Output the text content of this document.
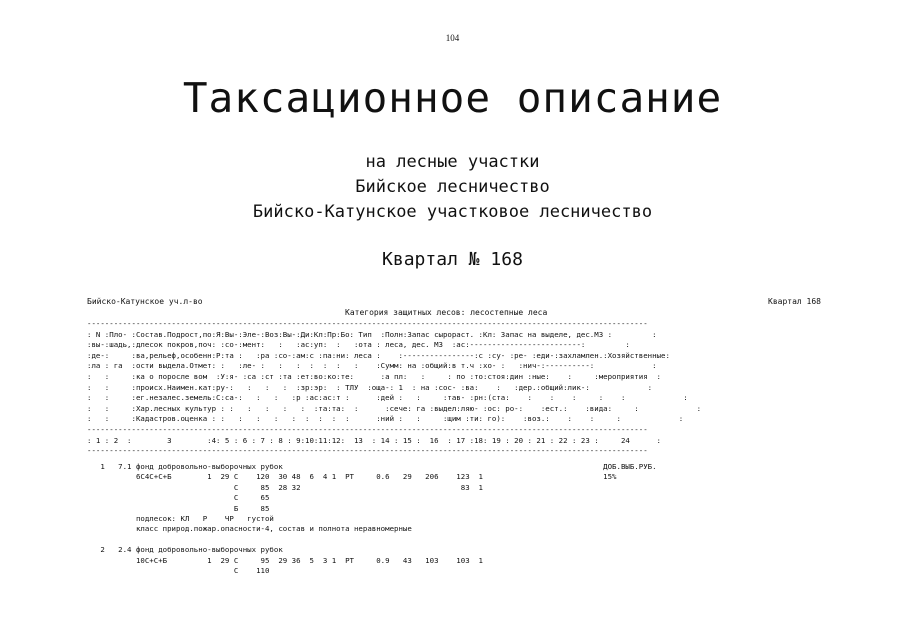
104
Таксационное описание
на лесные участки
Бийское лесничество
Бийско-Катунское участковое лесничество
Квартал № 168
Бийско-Катунское уч.л-во	Квартал 168
Категория защитных лесов: лесостепные леса
------------------------------------------------------------------------------------------------------------------------------
: N :Пло- :Состав.Подрост,по:Я:Вы-:Эле-:Воз:Вы-:Ди:Кл:Пр:Бо: Тип  :Полн:Запас сырораст. :Кл: Запас на выделе, дес.М3 :         :
:вы-:шадь,:длесок покров,поч: :со-:мент:   :   :ас:уп:  :   :ота : леса, дес. М3  :ас:-------------------------:         :
:де-:     :ва,рельеф,особенн:Р:та :   :ра :со-:ам:с :па:ни: леса :    :----------------:с :су- :ре- :еди-:захламлен.:Хозяйственные:
:ла : га  :ости выдела.Отмет: :   :ле- :   :   :  :  :  :   :    :Сумм: на :общий:в т.ч :хо- :   :нич-:----------:             :
:   :     :ка о поросле вом  :У:я- :са :ст :та :ет:во:ко:те:      :а пл:   :     : по :то:стоя:дин :ные:    :     :мероприятия  :
:   :     :происх.Наимен.кат:ру-:   :   :   :  :зр:эр:  : ТЛУ  :оща-: 1  : на :сос- :ва:    :   :дер.:общий:лик-:             :
:   :     :ег.незалес.земель:С:са-:   :   :   :р :ас:ас:т :      :дей :   :     :тав- :рн:(ста:    :    :    :     :    :             :
:   :     :Хар.лесных культур : :   :   :   :   :  :та:та:  :      :сече: га :выдел:ляю- :ос: ро-:    :ест.:    :вида:     :             :
:   :     :Кадастров.оценка : :   :   :   :   :  :  :  :  :      :ний :   :     :щим :ти: го):    :воз.:    :    :     :             :
------------------------------------------------------------------------------------------------------------------------------
: 1 : 2  :        3        :4: 5 : 6 : 7 : 8 : 9:10:11:12:  13  : 14 : 15 :  16  : 17 :18: 19 : 20 : 21 : 22 : 23 :     24      :
------------------------------------------------------------------------------------------------------------------------------
1   7.1 фонд добровольно-выборочных рубок                                                                        ДОБ.ВЫБ.РУБ.
6С4С+С+Б        1  29 С    120  30 48  6  4 1  РТ     0.6   29   206    123  1                           15%
С     85  28 32                                    83  1
С     65
Б     85
подлесок: КЛ   Р    ЧР   густой
класс природ.пожар.опасности-4, состав и полнота неравномерные

2   2.4 фонд добровольно-выборочных рубок
10С+С+Б         1  29 С     95  29 36  5  3 1  РТ     0.9   43   103    103  1
С    110
